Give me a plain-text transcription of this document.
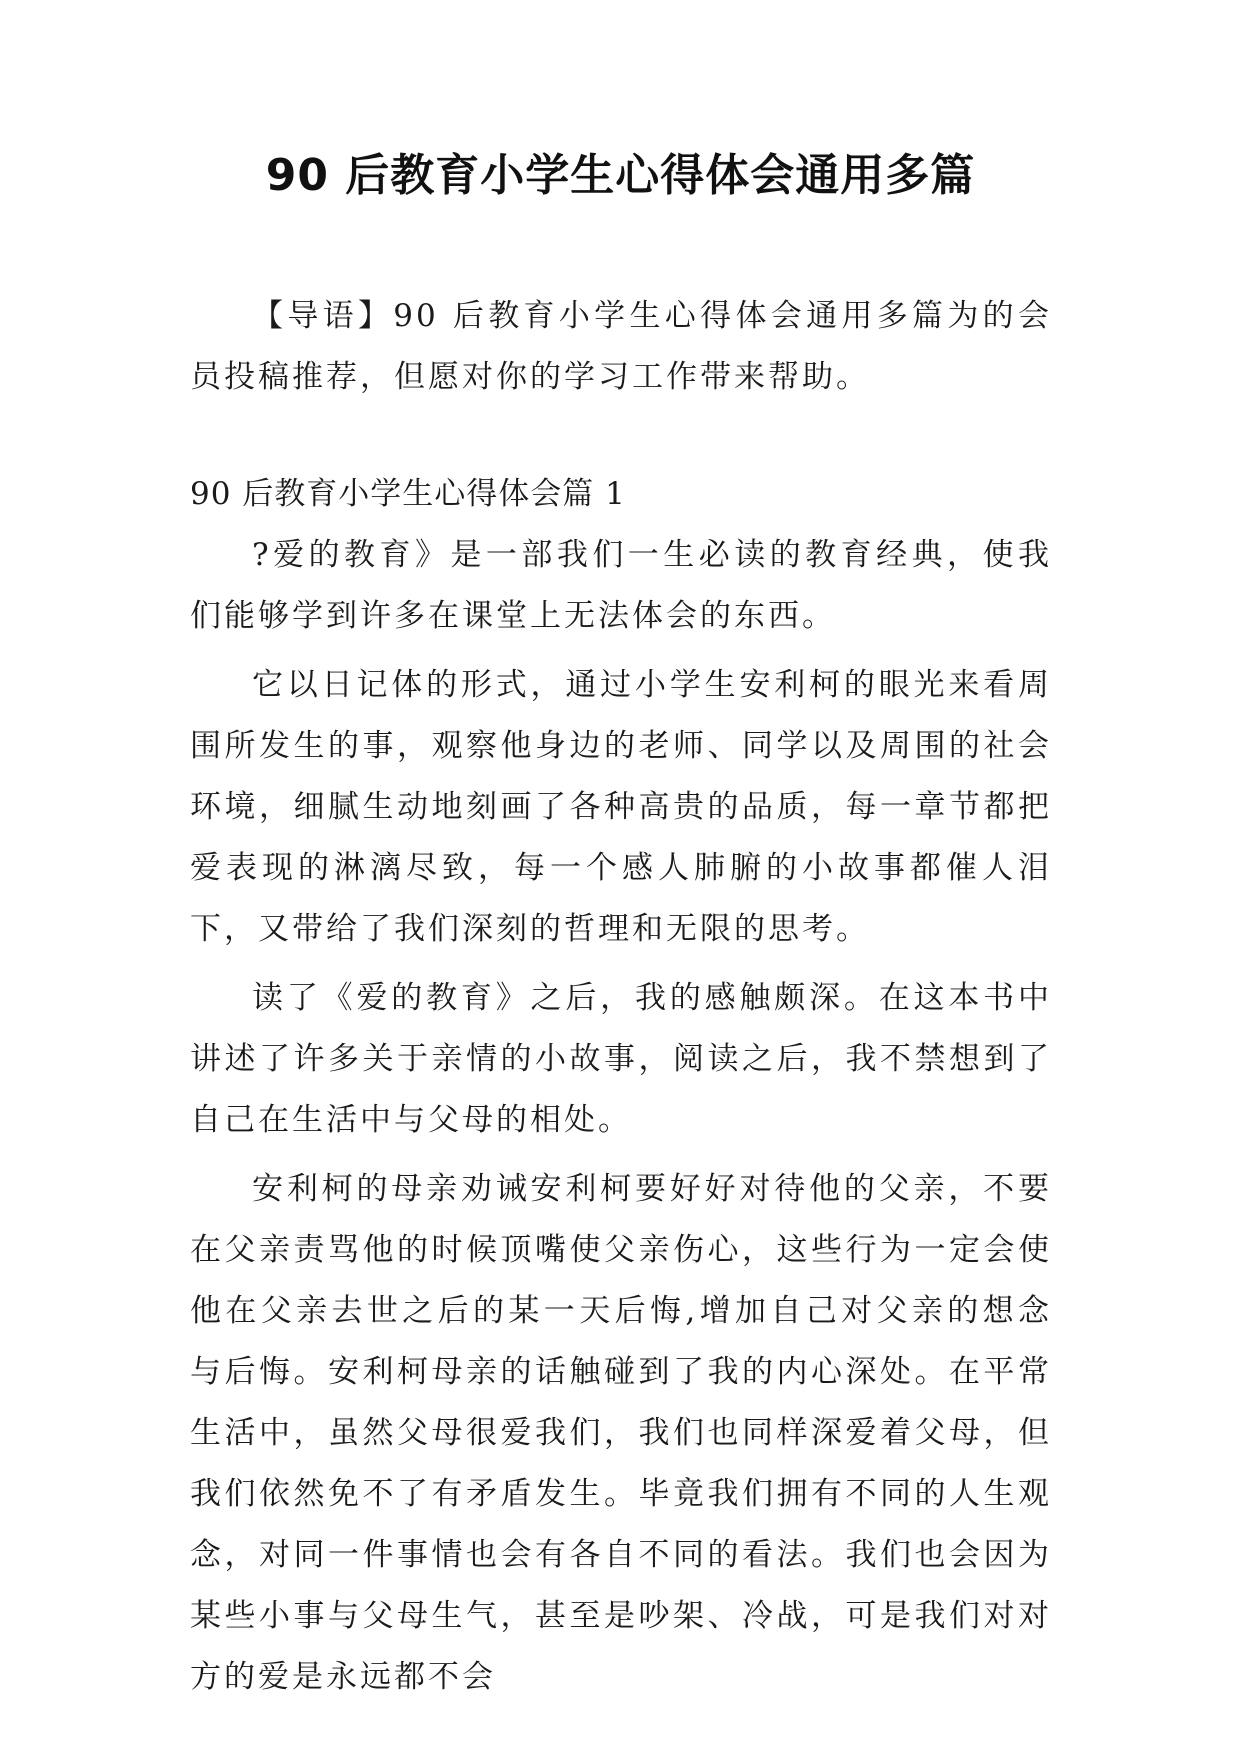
90 后教育小学生心得体会通用多篇

【导语】90 后教育小学生心得体会通用多篇为的会员投稿推荐，但愿对你的学习工作带来帮助。

90 后教育小学生心得体会篇 1

?爱的教育》是一部我们一生必读的教育经典，使我们能够学到许多在课堂上无法体会的东西。

它以日记体的形式，通过小学生安利柯的眼光来看周围所发生的事，观察他身边的老师、同学以及周围的社会环境，细腻生动地刻画了各种高贵的品质，每一章节都把爱表现的淋漓尽致，每一个感人肺腑的小故事都催人泪下，又带给了我们深刻的哲理和无限的思考。

读了《爱的教育》之后，我的感触颇深。在这本书中讲述了许多关于亲情的小故事，阅读之后，我不禁想到了自己在生活中与父母的相处。

安利柯的母亲劝诫安利柯要好好对待他的父亲，不要在父亲责骂他的时候顶嘴使父亲伤心，这些行为一定会使他在父亲去世之后的某一天后悔,增加自己对父亲的想念与后悔。安利柯母亲的话触碰到了我的内心深处。在平常生活中，虽然父母很爱我们，我们也同样深爱着父母，但我们依然免不了有矛盾发生。毕竟我们拥有不同的人生观念，对同一件事情也会有各自不同的看法。我们也会因为某些小事与父母生气，甚至是吵架、冷战，可是我们对对方的爱是永远都不会
